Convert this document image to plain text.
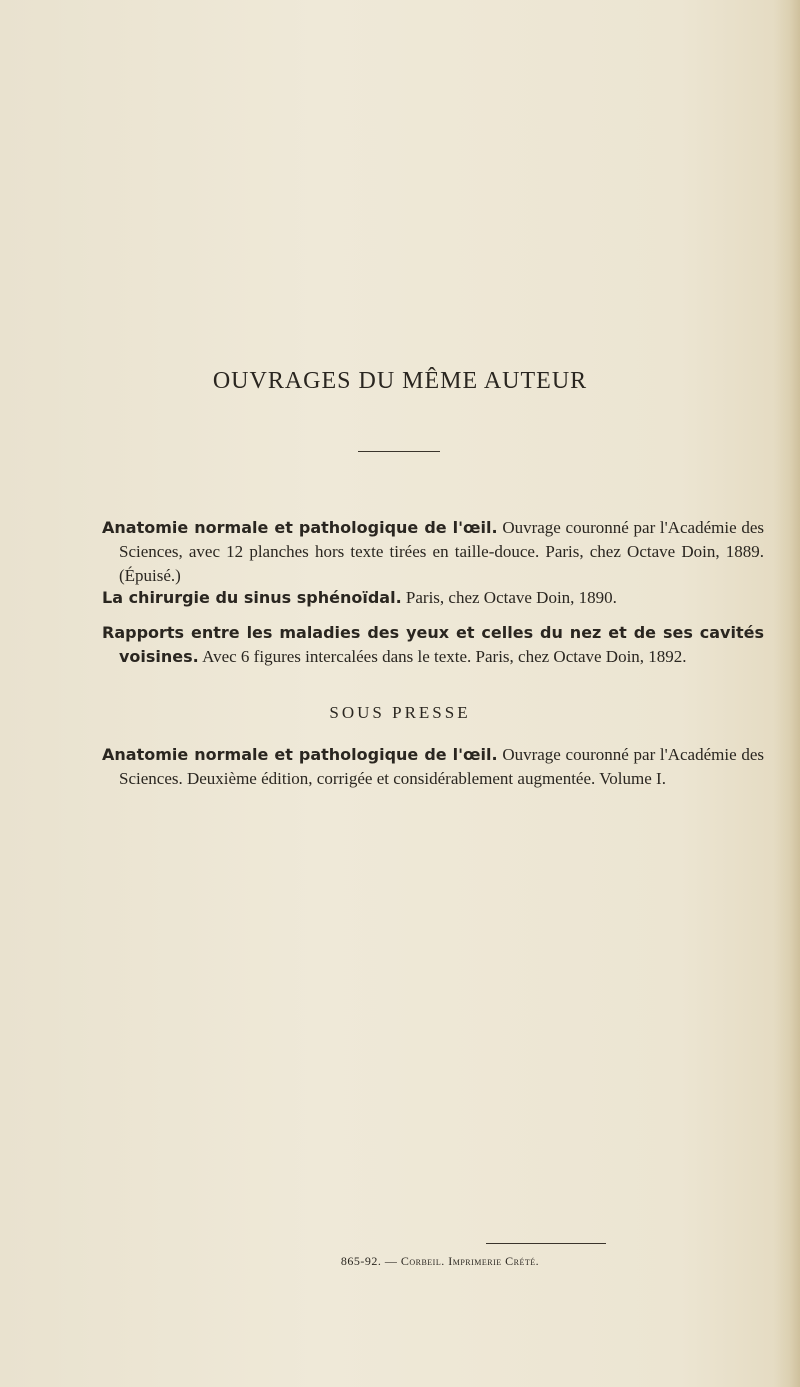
OUVRAGES DU MÊME AUTEUR
Anatomie normale et pathologique de l'œil. Ouvrage couronné par l'Académie des Sciences, avec 12 planches hors texte tirées en taille-douce. Paris, chez Octave Doin, 1889. (Épuisé.)
La chirurgie du sinus sphénoïdal. Paris, chez Octave Doin, 1890.
Rapports entre les maladies des yeux et celles du nez et de ses cavités voisines. Avec 6 figures intercalées dans le texte. Paris, chez Octave Doin, 1892.
SOUS PRESSE
Anatomie normale et pathologique de l'œil. Ouvrage couronné par l'Académie des Sciences. Deuxième édition, corrigée et considérablement augmentée. Volume I.
865-92. — Corbeil. Imprimerie Crété.
